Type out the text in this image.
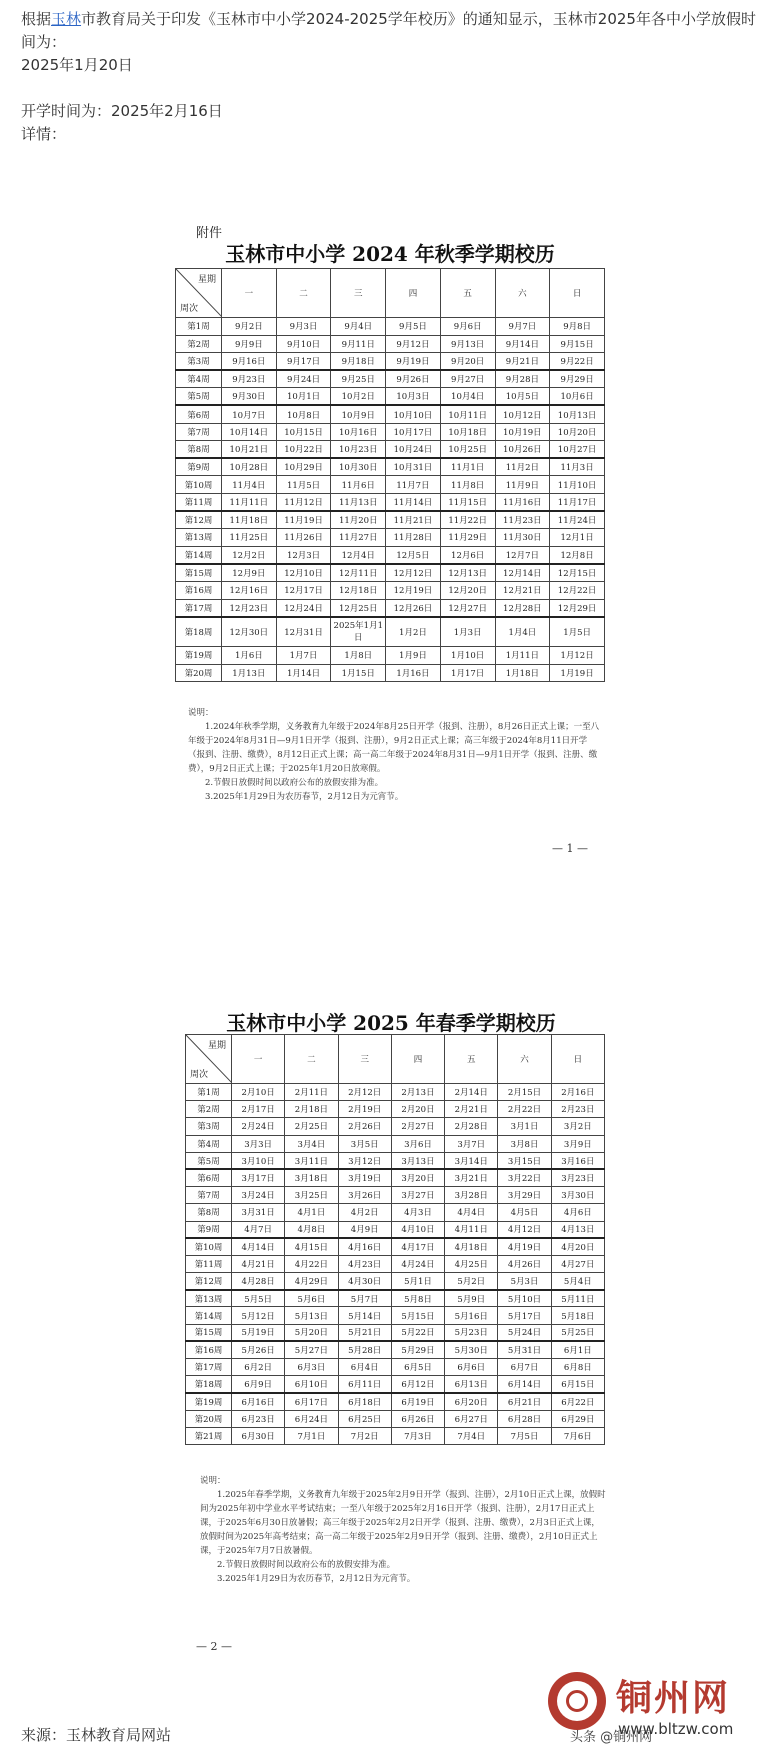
根据玉林市教育局关于印发《玉林市中小学2024-2025学年校历》的通知显示，玉林市2025年各中小学放假时间为：

2025年1月20日

开学时间为：2025年2月16日

详情：

附件
玉林市中小学 2024 年秋季学期校历
星期
周次	一	二	三	四	五	六	日
第1周	9月2日	9月3日	9月4日	9月5日	9月6日	9月7日	9月8日
第2周	9月9日	9月10日	9月11日	9月12日	9月13日	9月14日	9月15日
第3周	9月16日	9月17日	9月18日	9月19日	9月20日	9月21日	9月22日
第4周	9月23日	9月24日	9月25日	9月26日	9月27日	9月28日	9月29日
第5周	9月30日	10月1日	10月2日	10月3日	10月4日	10月5日	10月6日
第6周	10月7日	10月8日	10月9日	10月10日	10月11日	10月12日	10月13日
第7周	10月14日	10月15日	10月16日	10月17日	10月18日	10月19日	10月20日
第8周	10月21日	10月22日	10月23日	10月24日	10月25日	10月26日	10月27日
第9周	10月28日	10月29日	10月30日	10月31日	11月1日	11月2日	11月3日
第10周	11月4日	11月5日	11月6日	11月7日	11月8日	11月9日	11月10日
第11周	11月11日	11月12日	11月13日	11月14日	11月15日	11月16日	11月17日
第12周	11月18日	11月19日	11月20日	11月21日	11月22日	11月23日	11月24日
第13周	11月25日	11月26日	11月27日	11月28日	11月29日	11月30日	12月1日
第14周	12月2日	12月3日	12月4日	12月5日	12月6日	12月7日	12月8日
第15周	12月9日	12月10日	12月11日	12月12日	12月13日	12月14日	12月15日
第16周	12月16日	12月17日	12月18日	12月19日	12月20日	12月21日	12月22日
第17周	12月23日	12月24日	12月25日	12月26日	12月27日	12月28日	12月29日
第18周	12月30日	12月31日	2025年1月1日	1月2日	1月3日	1月4日	1月5日
第19周	1月6日	1月7日	1月8日	1月9日	1月10日	1月11日	1月12日
第20周	1月13日	1月14日	1月15日	1月16日	1月17日	1月18日	1月19日

说明：

1.2024年秋季学期，义务教育九年级于2024年8月25日开学（报到、注册），8月26日正式上课；一至八年级于2024年8月31日—9月1日开学（报到、注册），9月2日正式上课；高三年级于2024年8月11日开学（报到、注册、缴费），8月12日正式上课；高一高二年级于2024年8月31日—9月1日开学（报到、注册、缴费），9月2日正式上课；于2025年1月20日放寒假。

2.节假日放假时间以政府公布的放假安排为准。

3.2025年1月29日为农历春节，2月12日为元宵节。

— 1 —
玉林市中小学 2025 年春季学期校历
星期
周次	一	二	三	四	五	六	日
第1周	2月10日	2月11日	2月12日	2月13日	2月14日	2月15日	2月16日
第2周	2月17日	2月18日	2月19日	2月20日	2月21日	2月22日	2月23日
第3周	2月24日	2月25日	2月26日	2月27日	2月28日	3月1日	3月2日
第4周	3月3日	3月4日	3月5日	3月6日	3月7日	3月8日	3月9日
第5周	3月10日	3月11日	3月12日	3月13日	3月14日	3月15日	3月16日
第6周	3月17日	3月18日	3月19日	3月20日	3月21日	3月22日	3月23日
第7周	3月24日	3月25日	3月26日	3月27日	3月28日	3月29日	3月30日
第8周	3月31日	4月1日	4月2日	4月3日	4月4日	4月5日	4月6日
第9周	4月7日	4月8日	4月9日	4月10日	4月11日	4月12日	4月13日
第10周	4月14日	4月15日	4月16日	4月17日	4月18日	4月19日	4月20日
第11周	4月21日	4月22日	4月23日	4月24日	4月25日	4月26日	4月27日
第12周	4月28日	4月29日	4月30日	5月1日	5月2日	5月3日	5月4日
第13周	5月5日	5月6日	5月7日	5月8日	5月9日	5月10日	5月11日
第14周	5月12日	5月13日	5月14日	5月15日	5月16日	5月17日	5月18日
第15周	5月19日	5月20日	5月21日	5月22日	5月23日	5月24日	5月25日
第16周	5月26日	5月27日	5月28日	5月29日	5月30日	5月31日	6月1日
第17周	6月2日	6月3日	6月4日	6月5日	6月6日	6月7日	6月8日
第18周	6月9日	6月10日	6月11日	6月12日	6月13日	6月14日	6月15日
第19周	6月16日	6月17日	6月18日	6月19日	6月20日	6月21日	6月22日
第20周	6月23日	6月24日	6月25日	6月26日	6月27日	6月28日	6月29日
第21周	6月30日	7月1日	7月2日	7月3日	7月4日	7月5日	7月6日

说明：

1.2025年春季学期，义务教育九年级于2025年2月9日开学（报到、注册），2月10日正式上课，放假时间为2025年初中学业水平考试结束；一至八年级于2025年2月16日开学（报到、注册），2月17日正式上课，于2025年6月30日放暑假；高三年级于2025年2月2日开学（报到、注册、缴费），2月3日正式上课，放假时间为2025年高考结束；高一高二年级于2025年2月9日开学（报到、注册、缴费），2月10日正式上课，于2025年7月7日放暑假。

2.节假日放假时间以政府公布的放假安排为准。

3.2025年1月29日为农历春节，2月12日为元宵节。

— 2 —
铜州网
头条 @铜州网
www.bltzw.com
来源：玉林教育局网站
